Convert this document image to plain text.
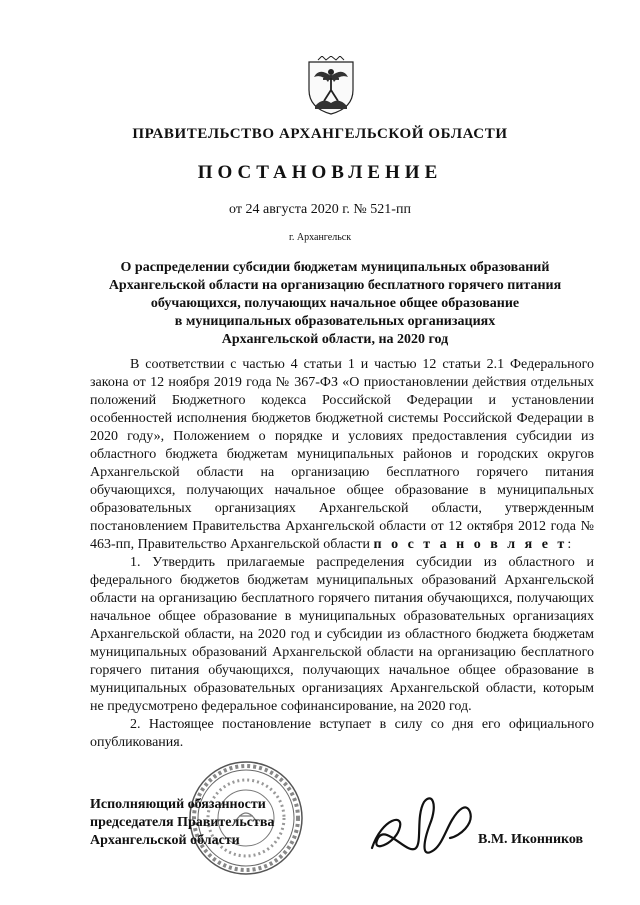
ПРАВИТЕЛЬСТВО АРХАНГЕЛЬСКОЙ ОБЛАСТИ
ПОСТАНОВЛЕНИЕ
от 24 августа 2020 г. № 521-пп
г. Архангельск
О распределении субсидии бюджетам муниципальных образований
Архангельской области на организацию бесплатного горячего питания
обучающихся, получающих начальное общее образование
в муниципальных образовательных организациях
Архангельской области, на 2020 год

В соответствии с частью 4 статьи 1 и частью 12 статьи 2.1 Федерального закона от 12 ноября 2019 года № 367-ФЗ «О приостановлении действия отдельных положений Бюджетного кодекса Российской Федерации и установлении особенностей исполнения бюджетов бюджетной системы Российской Федерации в 2020 году», Положением о порядке и условиях предоставления субсидии из областного бюджета бюджетам муниципальных районов и городских округов Архангельской области на организацию бесплатного горячего питания обучающихся, получающих начальное общее образование в муниципальных образовательных организациях Архангельской области, утвержденным постановлением Правительства Архангельской области от 12 октября 2012 года № 463-пп, Правительство Архангельской области п о с т а н о в л я е т:

1. Утвердить прилагаемые распределения субсидии из областного и федерального бюджетов бюджетам муниципальных образований Архангельской области на организацию бесплатного горячего питания обучающихся, получающих начальное общее образование в муниципальных образовательных организациях Архангельской области, на 2020 год и субсидии из областного бюджета бюджетам муниципальных образований Архангельской области на организацию бесплатного горячего питания обучающихся, получающих начальное общее образование в муниципальных образовательных организациях Архангельской области, которым не предусмотрено федеральное софинансирование, на 2020 год.

2. Настоящее постановление вступает в силу со дня его официального опубликования.

Исполняющий обязанности
председателя Правительства
Архангельской области	В.М. Иконников
